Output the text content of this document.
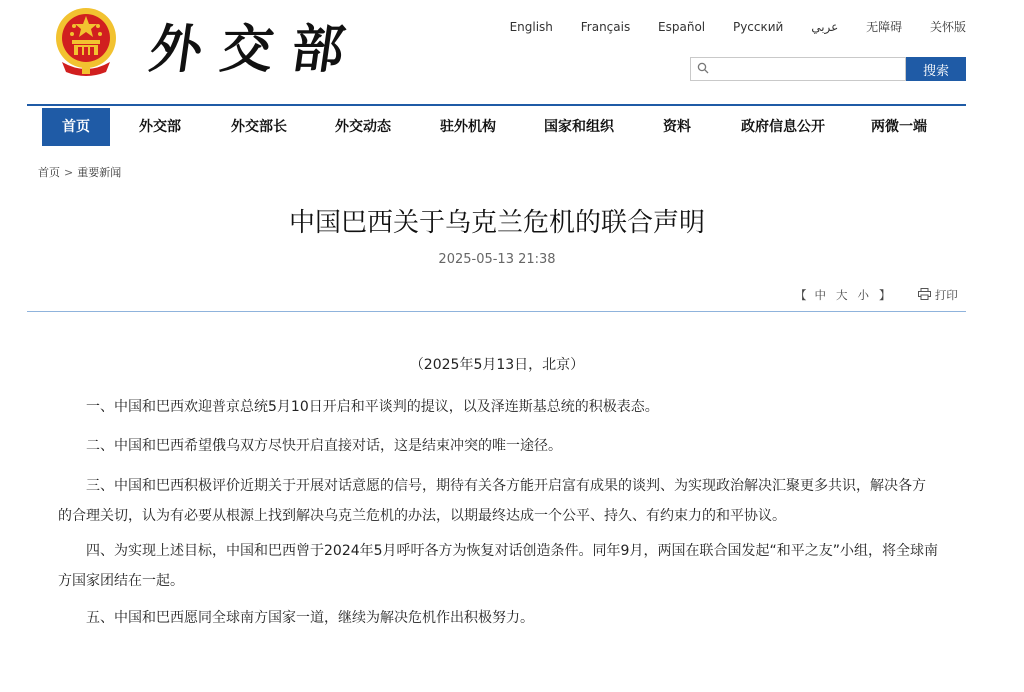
外 交 部	English Français Español Русский عربي 无障碍 关怀版
搜索
首页	外交部	外交部长	外交动态	驻外机构	国家和组织	资料	政府信息公开	两微一端
首页 > 重要新闻
中国巴西关于乌克兰危机的联合声明
2025-05-13 21:38
【 中 大 小 】	打印
（2025年5月13日，北京）

一、中国和巴西欢迎普京总统5月10日开启和平谈判的提议，以及泽连斯基总统的积极表态。

二、中国和巴西希望俄乌双方尽快开启直接对话，这是结束冲突的唯一途径。

三、中国和巴西积极评价近期关于开展对话意愿的信号，期待有关各方能开启富有成果的谈判、为实现政治解决汇聚更多共识，解决各方的合理关切，认为有必要从根源上找到解决乌克兰危机的办法，以期最终达成一个公平、持久、有约束力的和平协议。

四、为实现上述目标，中国和巴西曾于2024年5月呼吁各方为恢复对话创造条件。同年9月，两国在联合国发起“和平之友”小组，将全球南方国家团结在一起。

五、中国和巴西愿同全球南方国家一道，继续为解决危机作出积极努力。
